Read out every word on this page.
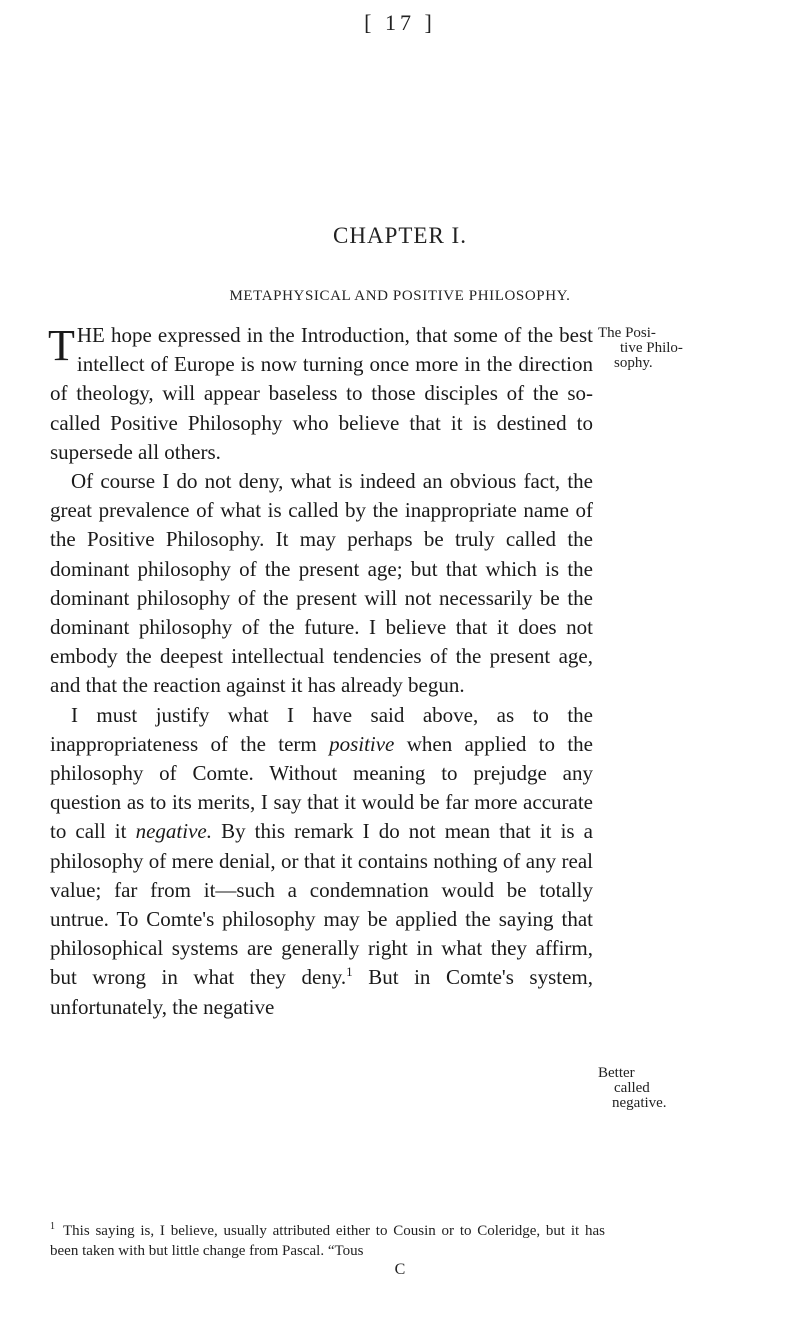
[ 17 ]
CHAPTER I.
METAPHYSICAL AND POSITIVE PHILOSOPHY.

THE hope expressed in the Introduction, that some of the best intellect of Europe is now turning once more in the direction of theology, will appear baseless to those disciples of the so-called Positive Philosophy who believe that it is destined to supersede all others.

 Of course I do not deny, what is indeed an obvious fact, the great prevalence of what is called by the inappropriate name of the Positive Philosophy. It may perhaps be truly called the dominant philosophy of the present age; but that which is the dominant philosophy of the present will not necessarily be the dominant philosophy of the future. I believe that it does not embody the deepest intellectual tendencies of the present age, and that the reaction against it has already begun.

 I must justify what I have said above, as to the inappropriateness of the term positive when applied to the philosophy of Comte. Without meaning to prejudge any question as to its merits, I say that it would be far more accurate to call it negative. By this remark I do not mean that it is a philosophy of mere denial, or that it contains nothing of any real value; far from it—such a condemnation would be totally untrue. To Comte's philosophy may be applied the saying that philosophical systems are generally right in what they affirm, but wrong in what they deny.$^1$ But in Comte's system, unfortunately, the negative

The Posi-
tive Philo-
sophy.
Better
called
negative.
$^1$ This saying is, I believe, usually attributed either to Cousin or to Coleridge, but it has been taken with but little change from Pascal. “Tous
C
